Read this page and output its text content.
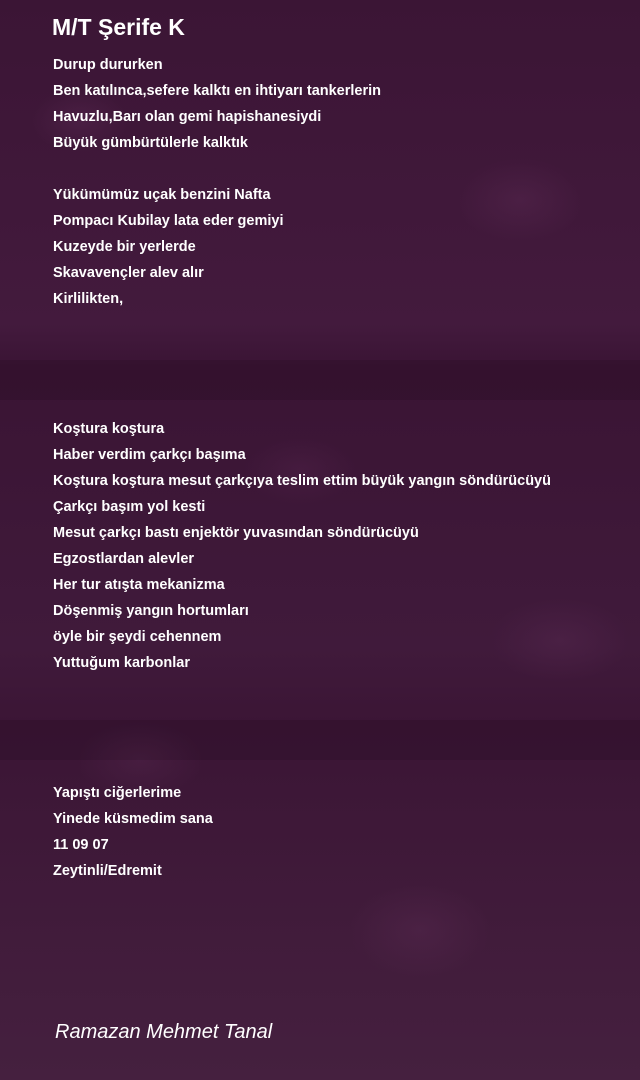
M/T Şerife K
Durup dururken
Ben katılınca,sefere kalktı en ihtiyarı tankerlerin
Havuzlu,Barı olan gemi hapishanesiydi
Büyük gümbürtülerle kalktık
Yükümümüz uçak benzini Nafta
Pompacı Kubilay lata eder gemiyi
Kuzeyde bir yerlerde
Skavavençler alev alır
Kirlilikten,
Koştura koştura
Haber verdim çarkçı başıma
Koştura koştura mesut çarkçıya teslim ettim büyük yangın söndürücüyü
Çarkçı başım yol kesti
Mesut çarkçı bastı enjektör yuvasından söndürücüyü
Egzostlardan alevler
Her tur atışta mekanizma
Döşenmiş yangın hortumları
öyle bir şeydi cehennem
Yuttuğum karbonlar
Yapıştı ciğerlerime
Yinede küsmedim sana
11 09 07
Zeytinli/Edremit
Ramazan Mehmet Tanal
